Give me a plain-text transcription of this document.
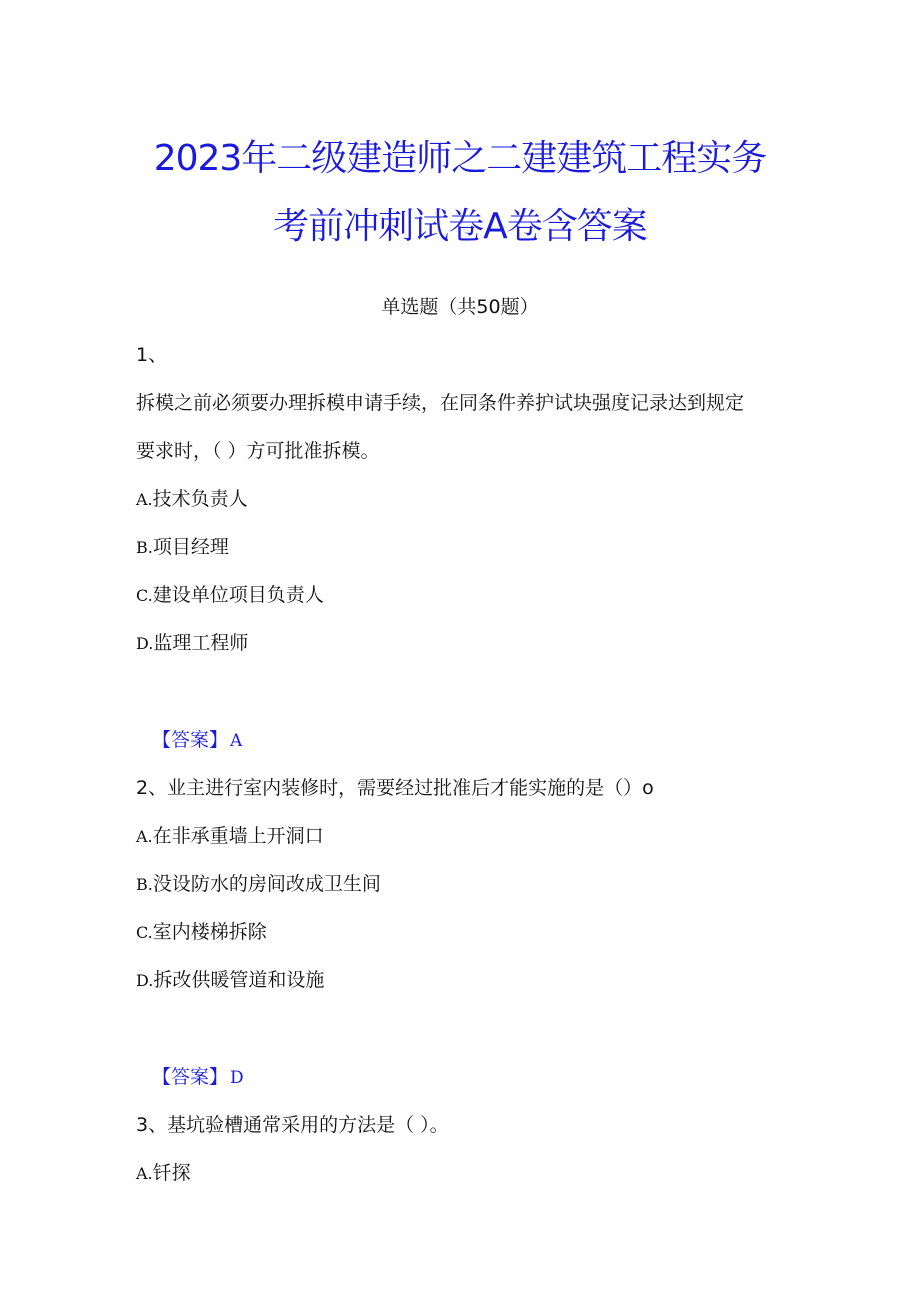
2023年二级建造师之二建建筑工程实务
考前冲刺试卷A卷含答案
单选题（共50题）
1、
拆模之前必须要办理拆模申请手续，在同条件养护试块强度记录达到规定
要求时，（ ）方可批准拆模。
A.技术负责人
B.项目经理
C.建设单位项目负责人
D.监理工程师
【答案】 A
2、业主进行室内装修时，需要经过批准后才能实施的是（）o
A.在非承重墙上开洞口
B.没设防水的房间改成卫生间
C.室内楼梯拆除
D.拆改供暖管道和设施
【答案】 D
3、基坑验槽通常采用的方法是（ ）。
A.钎探
